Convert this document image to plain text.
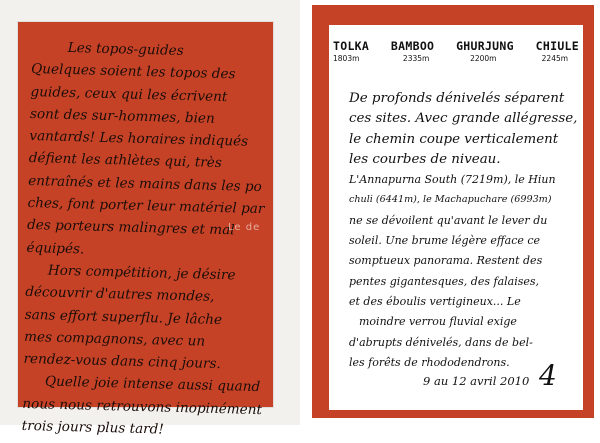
Les topos-guides
Quelques soient les topos des
guides, ceux qui les écrivent
sont des sur-hommes, bien
vantards! Les horaires indiqués
défient les athlètes qui, très
entraînés et les mains dans les po
ches, font porter leur matériel par
des porteurs malingres et mal
équipés.
Hors compétition, je désire
découvrir d'autres mondes,
sans effort superflu. Je lâche
mes compagnons, avec un
rendez-vous dans cinq jours.
Quelle joie intense aussi quand
nous nous retrouvons inopinément
trois jours plus tard!
Le de
TOLKA
1803m
BAMBOO
2335m
GHURJUNG
2200m
CHIULE
2245m
De profonds dénivelés séparent
ces sites. Avec grande allégresse,
le chemin coupe verticalement
les courbes de niveau.
L'Annapurna South (7219m), le Hiun
chuli (6441m), le Machapuchare (6993m)
ne se dévoilent qu'avant le lever du
soleil. Une brume légère efface ce
somptueux panorama. Restent des
pentes gigantesques, des falaises,
et des éboulis vertigineux... Le
moindre verrou fluvial exige
d'abrupts dénivelés, dans de bel-
les forêts de rhododendrons.
9 au 12 avril 2010 4
